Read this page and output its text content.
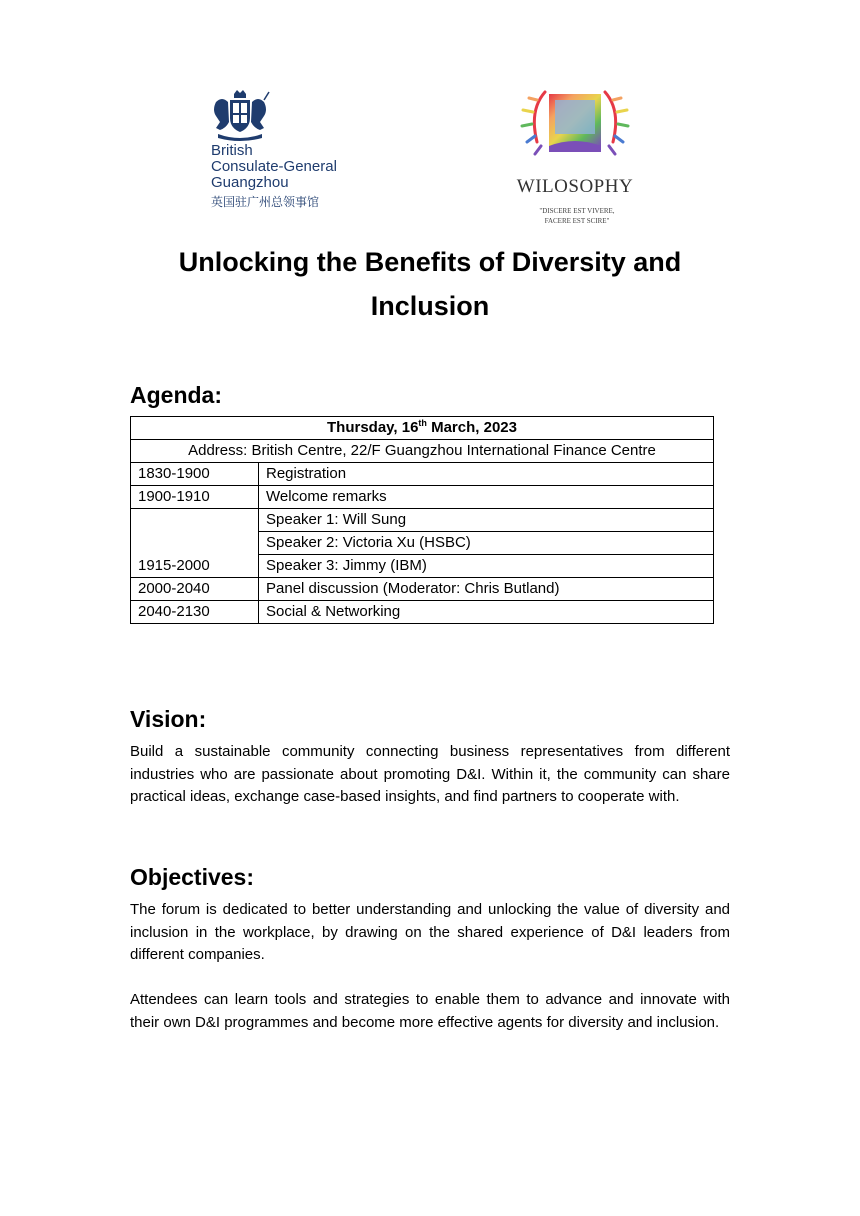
British
Consulate-General
Guangzhou
英国驻广州总领事馆
WILOSOPHY
"DISCERE EST VIVERE,
FACERE EST SCIRE"
Unlocking the Benefits of Diversity and
Inclusion
Agenda:
Thursday, 16th March, 2023	
Address: British Centre, 22/F Guangzhou International Finance Centre	
1830-1900	Registration
1900-1910	Welcome remarks
1915-2000	Speaker 1: Will Sung
	Speaker 2: Victoria Xu (HSBC)
	Speaker 3: Jimmy (IBM)
2000-2040	Panel discussion (Moderator: Chris Butland)
2040-2130	Social & Networking
Vision:

Build a sustainable community connecting business representatives from different industries who are passionate about promoting D&I. Within it, the community can share practical ideas, exchange case-based insights, and find partners to cooperate with.

Objectives:

The forum is dedicated to better understanding and unlocking the value of diversity and inclusion in the workplace, by drawing on the shared experience of D&I leaders from different companies.

Attendees can learn tools and strategies to enable them to advance and innovate with their own D&I programmes and become more effective agents for diversity and inclusion.
